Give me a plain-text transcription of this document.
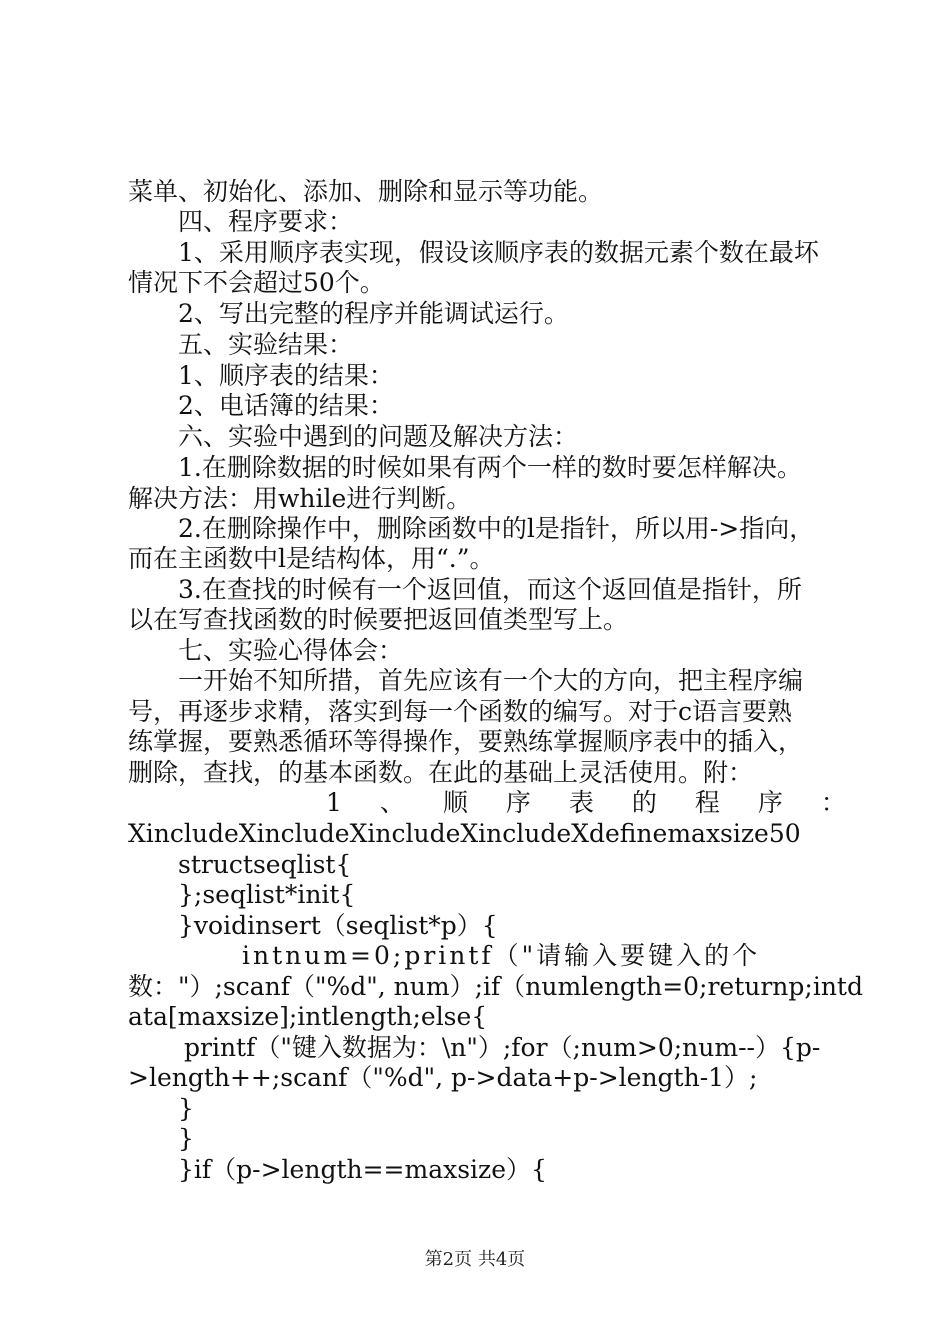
菜单、初始化、添加、删除和显示等功能。
四、程序要求：
1、采用顺序表实现，假设该顺序表的数据元素个数在最坏
情况下不会超过50个。
2、写出完整的程序并能调试运行。
五、实验结果：
1、顺序表的结果：
2、电话簿的结果：
六、实验中遇到的问题及解决方法：
1.在删除数据的时候如果有两个一样的数时要怎样解决。
解决方法：用while进行判断。
2.在删除操作中，删除函数中的l是指针，所以用->指向，
而在主函数中l是结构体，用“.”。
3.在查找的时候有一个返回值，而这个返回值是指针，所
以在写查找函数的时候要把返回值类型写上。
七、实验心得体会：
一开始不知所措，首先应该有一个大的方向，把主程序编
号，再逐步求精，落实到每一个函数的编写。对于c语言要熟
练掌握，要熟悉循环等得操作，要熟练掌握顺序表中的插入，
删除，查找，的基本函数。在此的基础上灵活使用。附：
1、顺序表的程序：
XincludeXincludeXincludeXincludeXdefinemaxsize50
structseqlist{
};seqlist*init{
}voidinsert（seqlist*p）{
intnum=0;printf（"请输入要键入的个
数："）;scanf（"%d", num）;if（numlength=0;returnp;intd
ata[maxsize];intlength;else{
printf（"键入数据为：\n"）;for（;num>0;num--）{p-
>length++;scanf（"%d", p->data+p->length-1）;
}
}
}if（p->length==maxsize）{
第2页 共4页
